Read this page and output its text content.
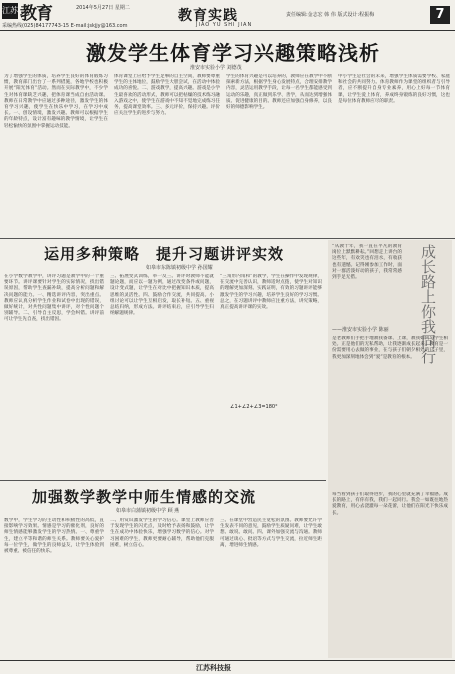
江苏 教育	2014年5月27日 星期二
采编热线(025)84177743-15 E-mail:jskjjy@163.com
教育实践
JIAO YU SHI JIAN
责任编辑:金志宏 韩 伟 版式设计:程振梅	7
激发学生体育学习兴趣策略浅析
淮安市实验小学 刘德茂
为了增强学生的体质，培养学生良好的体育锻炼习惯，教育部门出台了一系列措施，各地学校也积极开展“阳光体育”活动。然而在实际教学中，不少学生对体育课缺乏兴趣，把体育课当成自由活动课。教师在日常教学中应通过多种途径，激发学生的体育学习兴趣，使学生在快乐中学习，在学习中成长。一、创设情境，激发兴趣。教师可以根据学生的年龄特点，设计富有趣味的教学情境，让学生在轻松愉快的氛围中掌握运动技能。
体育课堂上应给予学生足够的自主空间，教师要尊重学生的主体地位，鼓励学生大胆尝试，在活动中体验成功的喜悦。二、游戏教学，提高兴趣。游戏是小学生最喜欢的活动形式，教师可以把枯燥的技术练习融入游戏之中，使学生在游戏中不知不觉地完成练习任务，提高课堂效率。三、多元评价，保持兴趣。评价应关注学生的进步与努力。
学生的体育兴趣是可以培养的，教师应在教学中不断探索新方法，根据学生身心发展特点，合理安排教学内容，灵活运用教学手段，让每一名学生都能感受到运动的乐趣，真正做到乐学、善学，从而达到增强体质、促进健康的目的。教师还应加强自身修养，以良好的师德影响学生。
中小学生是社会的未来，增强学生体质需要学校、家庭和社会的共同努力。体育教师作为课堂的组织者与引导者，应不断提升自身专业素养，用心上好每一节体育课，让学生爱上体育，养成终身锻炼的良好习惯，这也是每位体育教师应尽的职责。
运用多种策略　提升习题讲评实效
如皋市东陈镇初级中学 孙国耀
在小学数学教学中，讲评习题是教学中的一个重要环节。讲评课要针对学生的实际情况，找出错误原因，帮助学生查漏补缺，提高分析问题和解决问题的能力。一、精选讲评内容，突出重点。教师应认真分析学生作业和试卷中出现的错误，做好统计，对共性问题集中讲评，对个性问题个别辅导。二、引导自主反思，学会纠错。讲评前可让学生先自查，找出错因。
三、拓展变式训练，举一反三。讲评时教师不能就题论题，而应以一题为例，通过改变条件或问题，设计变式题，让学生在对比中把握知识本质，提高思维的灵活性。四、鼓励合作交流，共同提高。小组讨论可以让学生互相启发，取长补短。五、重视总结归纳，形成方法。讲评结束后，应引导学生归纳解题规律。
“三角形内角和”的教学，学生在操作中发现规律，在交流中完善认识，教师适时点拨，使学生对知识的理解更加深刻。实践证明，有效的习题讲评能够激发学生的学习兴趣，培养学生良好的学习习惯。总之，在习题讲评中教师应注重方法，讲究策略，真正提高讲评课的实效。
∠1+∠2+∠3=180°
加强数学教学中师生情感的交流
如皋市白蒲镇初级中学 顾 燕
数学中，学生学习的主动性和积极性的高低，直接影响学习效果。情感是学习的催化剂，良好的师生情感能够激发学生的学习热情。一、尊重学生，建立平等和谐的师生关系。教师要关心爱护每一位学生，做学生的良师益友，让学生体验到被尊重、被信任的快乐。
二、用赏识激发学生的学习信心。课堂上教师应善于发现学生的闪光点，及时给予表扬和鼓励，让学生在成功中体验快乐，增强学习数学的信心。对学习困难的学生，教师更要耐心辅导，帮助他们克服困难，树立信心。
三、在课堂中营造民主宽松的氛围。教师要允许学生发表不同的意见，鼓励学生质疑问难，让学生敢想、敢说、敢问。四、课外加强交流与沟通。教师可通过谈心、批语等方式与学生交流，拉近师生距离，增进师生情感。
“从教十年，我一直在平凡的教育岗位上默默耕耘。”回想走上讲台的这些年，有欢笑也有泪水，有收获也有遗憾。记得刚参加工作时，面对一群活泼好动的孩子，我常常感到手足无措。	成长路上你我同行
——淮安市实验小学 陈丽
是老教师们手把手地教我备课、上课，教我如何与学生相处。正是他们的无私帮助，让我逐渐成长起来。教育是一份需要用心去做的事业，在与孩子们朝夕相处的日子里，我更加深刻地体会到“爱”是教育的根本。
每当看到孩子们取得进步，我的心里就充满了幸福感。成长的路上，有你有我，我们一起同行。我会一如既往地热爱教育，用心去浇灌每一朵花蕾，让他们在阳光下快乐成长。
江苏科技报
